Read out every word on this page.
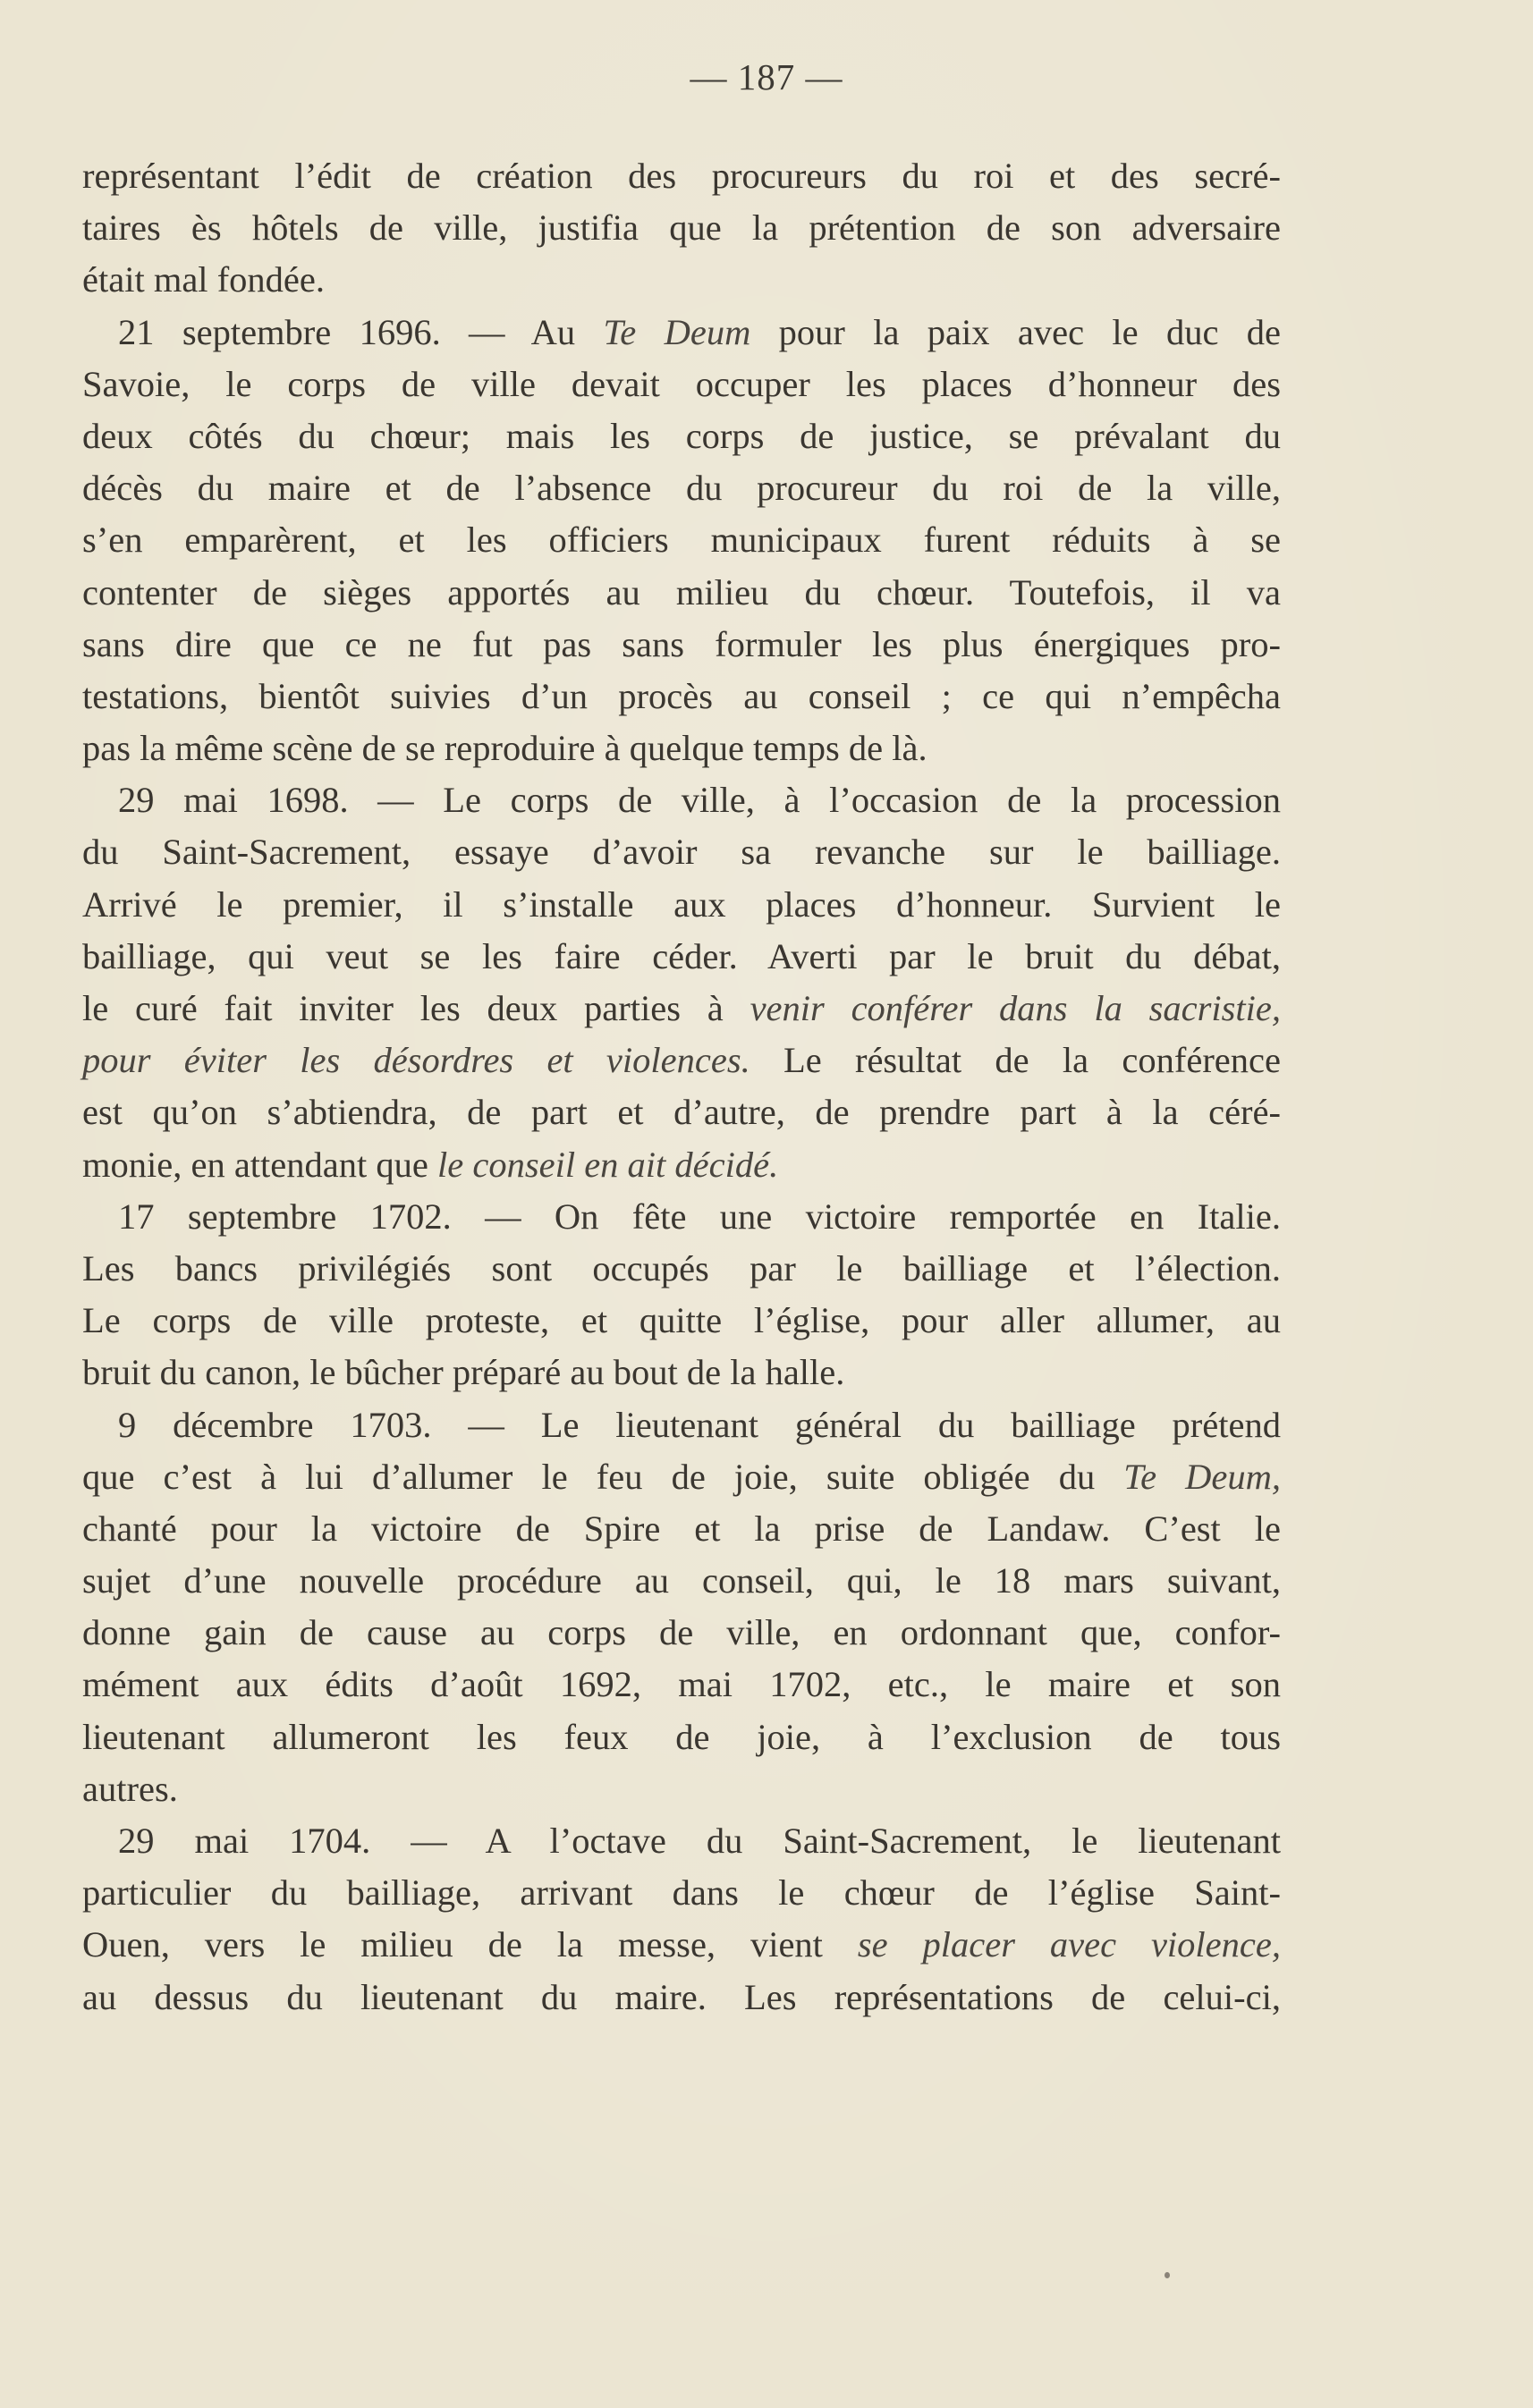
— 187 —
représentant l’édit de création des procureurs du roi et des secré-
taires ès hôtels de ville, justifia que la prétention de son adversaire
était mal fondée.
21 septembre 1696. — Au Te Deum pour la paix avec le duc de
Savoie, le corps de ville devait occuper les places d’honneur des
deux côtés du chœur; mais les corps de justice, se prévalant du
décès du maire et de l’absence du procureur du roi de la ville,
s’en emparèrent, et les officiers municipaux furent réduits à se
contenter de sièges apportés au milieu du chœur. Toutefois, il va
sans dire que ce ne fut pas sans formuler les plus énergiques pro-
testations, bientôt suivies d’un procès au conseil ; ce qui n’empêcha
pas la même scène de se reproduire à quelque temps de là.
29 mai 1698. — Le corps de ville, à l’occasion de la procession
du Saint-Sacrement, essaye d’avoir sa revanche sur le bailliage.
Arrivé le premier, il s’installe aux places d’honneur. Survient le
bailliage, qui veut se les faire céder. Averti par le bruit du débat,
le curé fait inviter les deux parties à venir conférer dans la sacristie,
pour éviter les désordres et violences. Le résultat de la conférence
est qu’on s’abtiendra, de part et d’autre, de prendre part à la céré-
monie, en attendant que le conseil en ait décidé.
17 septembre 1702. — On fête une victoire remportée en Italie.
Les bancs privilégiés sont occupés par le bailliage et l’élection.
Le corps de ville proteste, et quitte l’église, pour aller allumer, au
bruit du canon, le bûcher préparé au bout de la halle.
9 décembre 1703. — Le lieutenant général du bailliage prétend
que c’est à lui d’allumer le feu de joie, suite obligée du Te Deum,
chanté pour la victoire de Spire et la prise de Landaw. C’est le
sujet d’une nouvelle procédure au conseil, qui, le 18 mars suivant,
donne gain de cause au corps de ville, en ordonnant que, confor-
mément aux édits d’août 1692, mai 1702, etc., le maire et son
lieutenant allumeront les feux de joie, à l’exclusion de tous
autres.
29 mai 1704. — A l’octave du Saint-Sacrement, le lieutenant
particulier du bailliage, arrivant dans le chœur de l’église Saint-
Ouen, vers le milieu de la messe, vient se placer avec violence,
au dessus du lieutenant du maire. Les représentations de celui-ci,
